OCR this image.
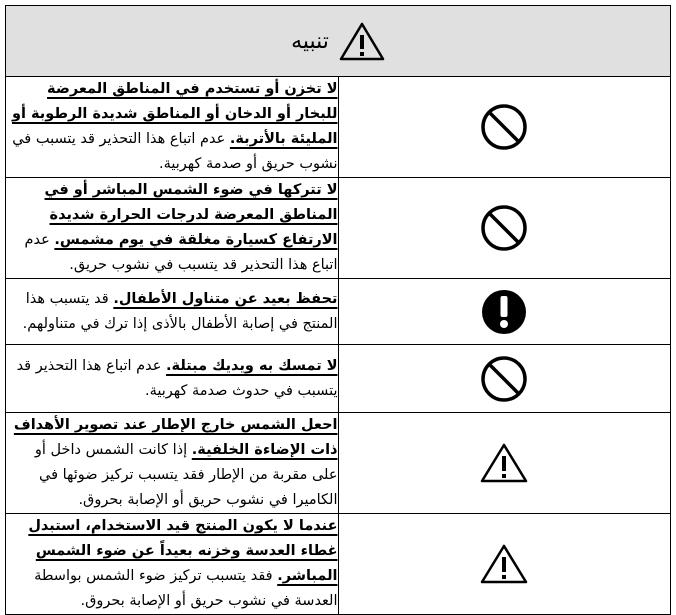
تنبيه	

لا تخزن أو تستخدم في المناطق المعرضة للبخار أو الدخان أو المناطق شديدة الرطوبة أو المليئة بالأتربة. عدم اتباع هذا التحذير قد يتسبب في نشوب حريق أو صدمة كهربية.

لا تتركها في ضوء الشمس المباشر أو في المناطق المعرضة لدرجات الحرارة شديدة الارتفاع كسيارة مغلقة في يوم مشمس. عدم اتباع هذا التحذير قد يتسبب في نشوب حريق.

تحفظ بعيد عن متناول الأطفال. قد يتسبب هذا المنتج في إصابة الأطفال بالأذى إذا ترك في متناولهم.

لا تمسك به ويديك مبتلة. عدم اتباع هذا التحذير قد يتسبب في حدوث صدمة كهربية.

احعل الشمس خارج الإطار عند تصوير الأهداف ذات الإضاءة الخلفية. إذا كانت الشمس داخل أو على مقربة من الإطار فقد يتسبب تركيز ضوئها في الكاميرا في نشوب حريق أو الإصابة بحروق.

عندما لا يكون المنتج قيد الاستخدام، استبدل غطاء العدسة وخزنه بعيداً عن ضوء الشمس المباشر. فقد يتسبب تركيز ضوء الشمس بواسطة العدسة في نشوب حريق أو الإصابة بحروق.
